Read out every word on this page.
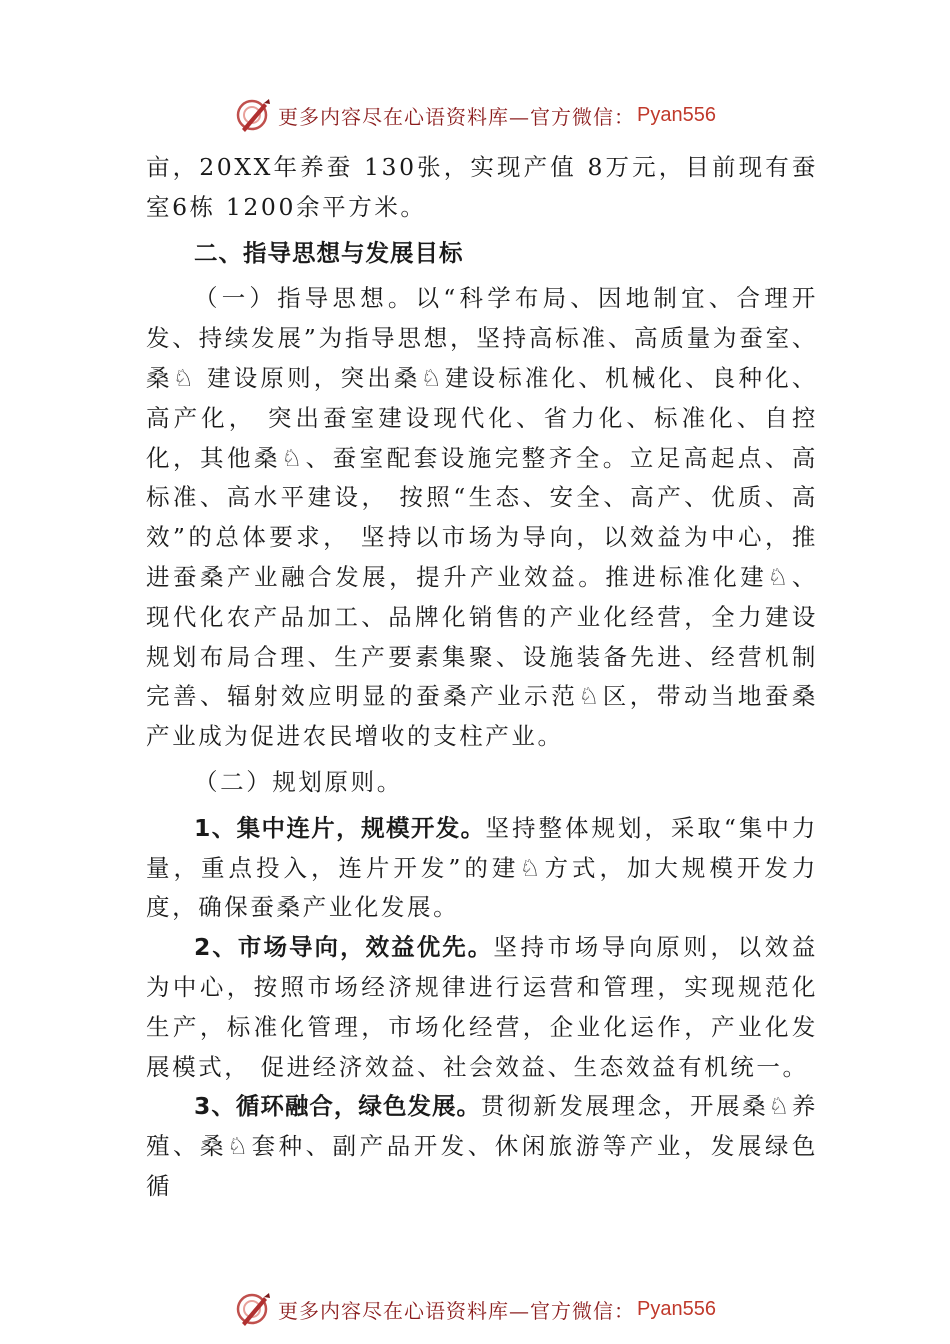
更多内容尽在心语资料库—官方微信： Pyan556

亩，20XX年养蚕 130张，实现产值 8万元，目前现有蚕室6栋 1200余平方米。

二、指导思想与发展目标

（一）指导思想。以“科学布局、因地制宜、合理开发、持续发展”为指导思想，坚持高标准、高质量为蚕室、桑♘ 建设原则，突出桑♘建设标准化、机械化、良种化、高产化， 突出蚕室建设现代化、省力化、标准化、自控化，其他桑♘、蚕室配套设施完整齐全。立足高起点、高标准、高水平建设， 按照“生态、安全、高产、优质、高效”的总体要求， 坚持以市场为导向，以效益为中心，推进蚕桑产业融合发展，提升产业效益。推进标准化建♘、现代化农产品加工、品牌化销售的产业化经营，全力建设规划布局合理、生产要素集聚、设施装备先进、经营机制完善、辐射效应明显的蚕桑产业示范♘区，带动当地蚕桑产业成为促进农民增收的支柱产业。

（二）规划原则。

1、集中连片，规模开发。坚持整体规划，采取“集中力量，重点投入，连片开发”的建♘方式，加大规模开发力度，确保蚕桑产业化发展。

2、市场导向，效益优先。坚持市场导向原则，以效益为中心，按照市场经济规律进行运营和管理，实现规范化生产，标准化管理，市场化经营，企业化运作，产业化发展模式， 促进经济效益、社会效益、生态效益有机统一。

3、循环融合，绿色发展。贯彻新发展理念，开展桑♘养殖、桑♘套种、副产品开发、休闲旅游等产业，发展绿色循

更多内容尽在心语资料库—官方微信： Pyan556
